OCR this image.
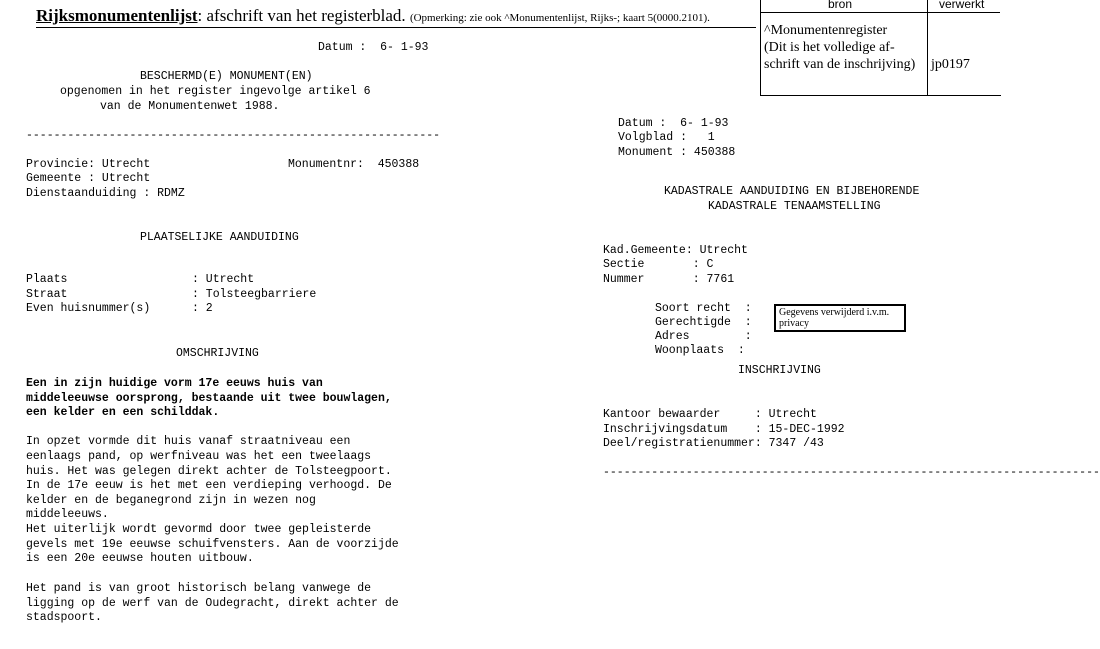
Rijksmonumentenlijst: afschrift van het registerblad. (Opmerking: zie ook ^Monumentenlijst, Rijks-; kaart 5(0000.2101).
bron	verwerkt
^Monumentenregister
(Dit is het volledige af-
schrift van de inschrijving) jp0197
Datum :  6- 1-93
BESCHERMD(E) MONUMENT(EN)
opgenomen in het register ingevolge artikel 6
van de Monumentenwet 1988.
------------------------------------------------------------
Provincie: Utrecht	Monumentnr:  450388
Gemeente : Utrecht
Dienstaanduiding : RDMZ
PLAATSELIJKE AANDUIDING
Plaats	: Utrecht
Straat	: Tolsteegbarriere
Even huisnummer(s)	: 2
OMSCHRIJVING
Een in zijn huidige vorm 17e eeuws huis van
middeleeuwse oorsprong, bestaande uit twee bouwlagen,
een kelder en een schilddak.
In opzet vormde dit huis vanaf straatniveau een
eenlaags pand, op werfniveau was het een tweelaags
huis. Het was gelegen direkt achter de Tolsteegpoort.
In de 17e eeuw is het met een verdieping verhoogd. De
kelder en de beganegrond zijn in wezen nog
middeleeuws.
Het uiterlijk wordt gevormd door twee gepleisterde
gevels met 19e eeuwse schuifvensters. Aan de voorzijde
is een 20e eeuwse houten uitbouw.
Het pand is van groot historisch belang vanwege de
ligging op de werf van de Oudegracht, direkt achter de
stadspoort.
Datum :  6- 1-93
Volgblad :   1
Monument : 450388
KADASTRALE AANDUIDING EN BIJBEHORENDE
KADASTRALE TENAAMSTELLING
Kad.Gemeente: Utrecht
Sectie       : C
Nummer       : 7761
Soort recht  :
Gerechtigde  :
Adres        :
Woonplaats  :
Gegevens verwijderd i.v.m. privacy
INSCHRIJVING
Kantoor bewaarder     : Utrecht
Inschrijvingsdatum    : 15-DEC-1992
Deel/registratienummer: 7347 /43
------------------------------------------------------------------------
